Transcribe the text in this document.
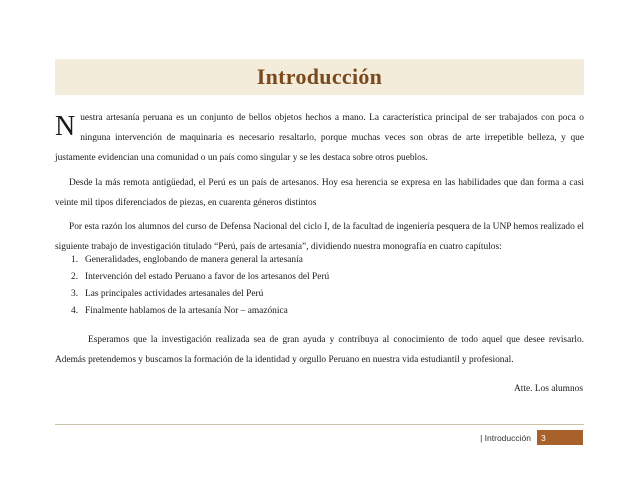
Introducción

Nuestra artesanía peruana es un conjunto de bellos objetos hechos a mano. La característica principal de ser trabajados con poca o ninguna intervención de maquinaria es necesario resaltarlo, porque muchas veces son obras de arte irrepetible belleza, y que justamente evidencian una comunidad o un país como singular y se les destaca sobre otros pueblos.

Desde la más remota antigüedad, el Perú es un país de artesanos. Hoy esa herencia se expresa en las habilidades que dan forma a casi veinte mil tipos diferenciados de piezas, en cuarenta géneros distintos

Por esta razón los alumnos del curso de Defensa Nacional del ciclo I, de la facultad de ingeniería pesquera de la UNP hemos realizado el siguiente trabajo de investigación titulado “Perú, país de artesanía”, dividiendo nuestra monografía en cuatro capítulos:

1. Generalidades, englobando de manera general la artesanía
2. Intervención del estado Peruano a favor de los artesanos del Perú
3. Las principales actividades artesanales del Perú
4. Finalmente hablamos de la artesanía Nor – amazónica

Esperamos que la investigación realizada sea de gran ayuda y contribuya al conocimiento de todo aquel que desee revisarlo. Además pretendemos y buscamos la formación de la identidad y orgullo Peruano en nuestra vida estudiantil y profesional.

Atte. Los alumnos
| Introducción	3
